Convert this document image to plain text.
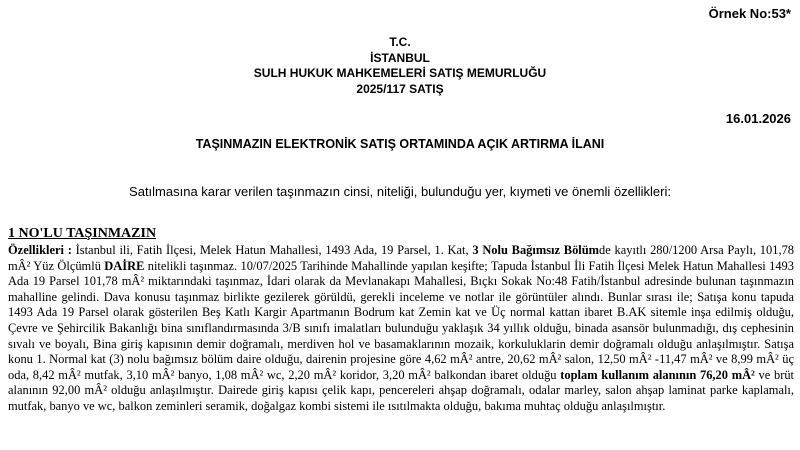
Örnek No:53*
T.C.
İSTANBUL
SULH HUKUK MAHKEMELERİ SATIŞ MEMURLUĞU
2025/117 SATIŞ
16.01.2026
TAŞINMAZIN ELEKTRONİK SATIŞ ORTAMINDA AÇIK ARTIRMA İLANI
Satılmasına karar verilen taşınmazın cinsi, niteliği, bulunduğu yer, kıymeti ve önemli özellikleri:
1 NO'LU TAŞINMAZIN
Özellikleri : İstanbul ili, Fatih İlçesi, Melek Hatun Mahallesi, 1493 Ada, 19 Parsel, 1. Kat, 3 Nolu Bağımsız Bölümde kayıtlı 280/1200 Arsa Paylı, 101,78 mÂ² Yüz Ölçümlü DAİRE nitelikli taşınmaz. 10/07/2025 Tarihinde Mahallinde yapılan keşifte; Tapuda İstanbul İli Fatih İlçesi Melek Hatun Mahallesi 1493 Ada 19 Parsel 101,78 mÂ² miktarındaki taşınmaz, İdari olarak da Mevlanakapı Mahallesi, Bıçkı Sokak No:48 Fatih/İstanbul adresinde bulunan taşınmazın mahalline gelindi. Dava konusu taşınmaz birlikte gezilerek görüldü, gerekli inceleme ve notlar ile görüntüler alındı. Bunlar sırası ile; Satışa konu tapuda 1493 Ada 19 Parsel olarak gösterilen Beş Katlı Kargir Apartmanın Bodrum kat Zemin kat ve Üç normal kattan ibaret B.AK sitemle inşa edilmiş olduğu, Çevre ve Şehircilik Bakanlığı bina sınıflandırmasında 3/B sınıfı imalatları bulunduğu yaklaşık 34 yıllık olduğu, binada asansör bulunmadığı, dış cephesinin sıvalı ve boyalı, Bina giriş kapısının demir doğramalı, merdiven hol ve basamaklarının mozaik, korkuluklarin demir doğramalı olduğu anlaşılmıştır. Satışa konu 1. Normal kat (3) nolu bağımsız bölüm daire olduğu, dairenin projesine göre 4,62 mÂ² antre, 20,62 mÂ² salon, 12,50 mÂ² -11,47 mÂ² ve 8,99 mÂ² üç oda, 8,42 mÂ² mutfak, 3,10 mÂ² banyo, 1,08 mÂ² wc, 2,20 mÂ² koridor, 3,20 mÂ² balkondan ibaret olduğu toplam kullanım alanının 76,20 mÂ² ve brüt alanının 92,00 mÂ² olduğu anlaşılmıştır. Dairede giriş kapısı çelik kapı, pencereleri ahşap doğramalı, odalar marley, salon ahşap laminat parke kaplamalı, mutfak, banyo ve wc, balkon zeminleri seramik, doğalgaz kombi sistemi ile ısıtılmakta olduğu, bakıma muhtaç olduğu anlaşılmıştır.
